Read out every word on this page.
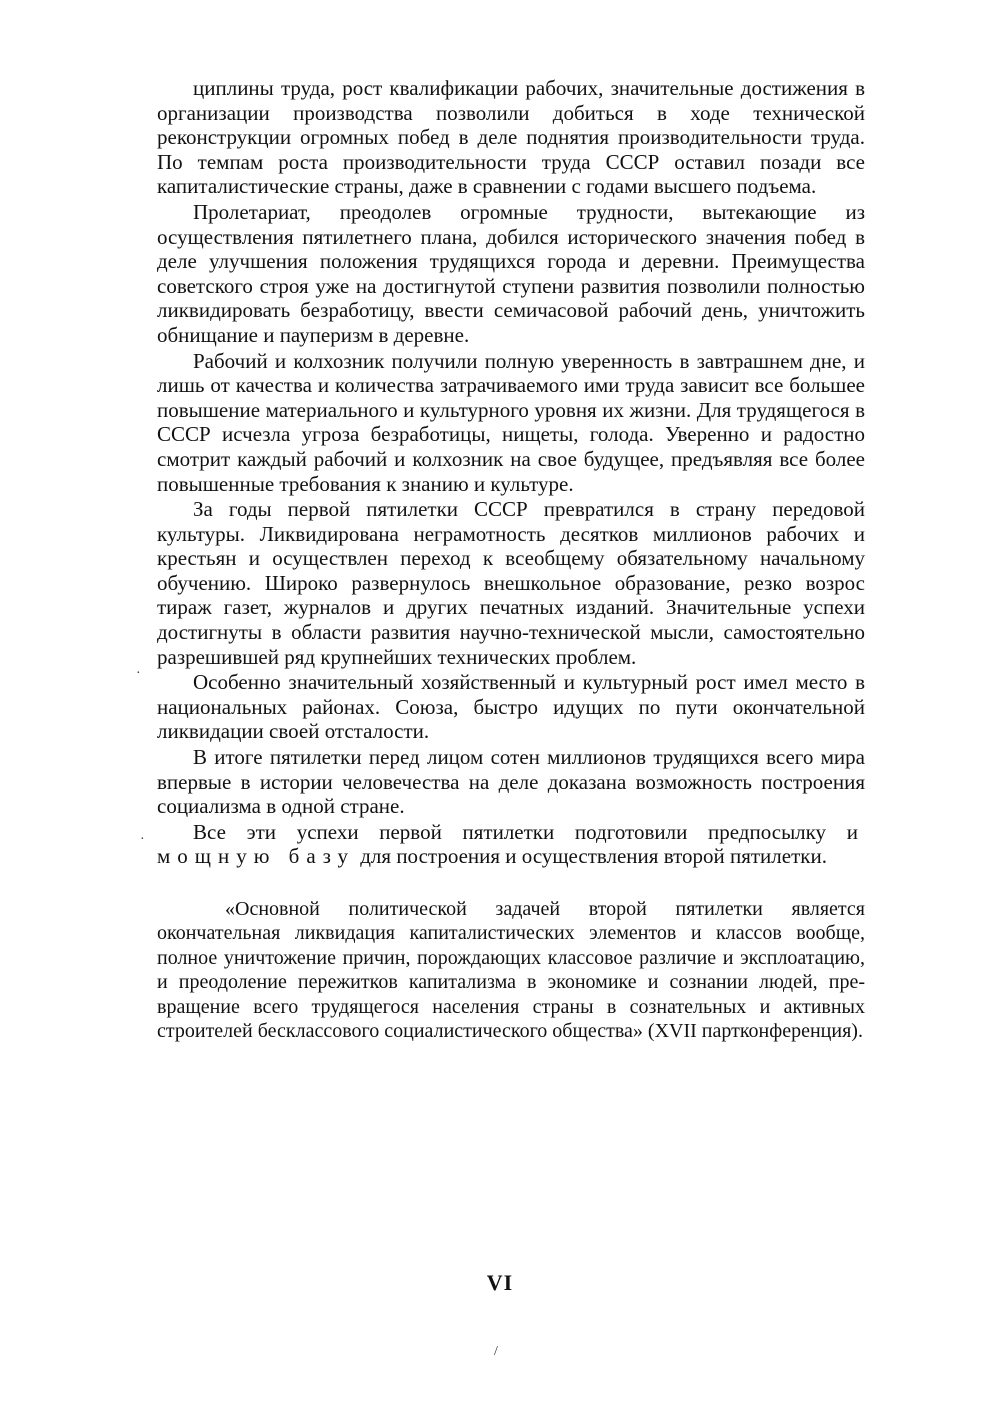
циплины труда, рост квалификации рабочих, значительные достижения в организации производства позволили добиться в ходе технической реконструкции огромных побед в деле поднятия производительности труда. По темпам роста производительности труда СССР оставил позади все капиталистические страны, даже в сравнении с годами высшего подъема.

Пролетариат, преодолев огромные трудности, вытекающие из осуществления пятилетнего плана, добился исторического значения побед в деле улучшения положения трудящихся города и деревни. Преимущества советского строя уже на достигнутой ступени развития позволили полностью ликвидировать безработицу, ввести семичасовой рабочий день, уничтожить обнищание и пауперизм в деревне.

Рабочий и колхозник получили полную уверенность в завтрашнем дне, и лишь от качества и количества затрачиваемого ими труда зависит все большее повышение материального и культурного уровня их жизни. Для трудящегося в СССР исчезла угроза безработицы, нищеты, голода. Уверенно и радостно смотрит каждый рабочий и колхозник на свое будущее, предъявляя все более повышенные требования к знанию и культуре.

За годы первой пятилетки СССР превратился в страну передовой культуры. Ликвидирована неграмотность десятков миллионов рабочих и крестьян и осуществлен переход к всеобщему обязательному начальному обучению. Широко развернулось внешкольное образование, резко возрос тираж газет, журналов и других печатных изданий. Значительные успехи достигнуты в области развития научно-технической мысли, самостоятельно разрешившей ряд крупнейших технических проблем.

Особенно значительный хозяйственный и культурный рост имел место в национальных районах. Союза, быстро идущих по пути окончательной ликвидации своей отсталости.

В итоге пятилетки перед лицом сотен миллионов трудящихся всего мира впервые в истории человечества на деле доказана возможность построения социализма в одной стране.

Все эти успехи первой пятилетки подготовили предпосылку и мощную базу для построения и осуществления второй пятилетки.

«Основной политической задачей второй пятилетки является окончательная ликвидация капиталистических элементов и классов вообще, полное уничтожение причин, порождающих классовое различие и эксплоатацию, и преодоление пережитков капитализма в экономике и сознании людей, превращение всего трудящегося населения страны в сознательных и активных строителей бесклассового социалистического общества» (XVII партконференция).

VI
·
·
/
